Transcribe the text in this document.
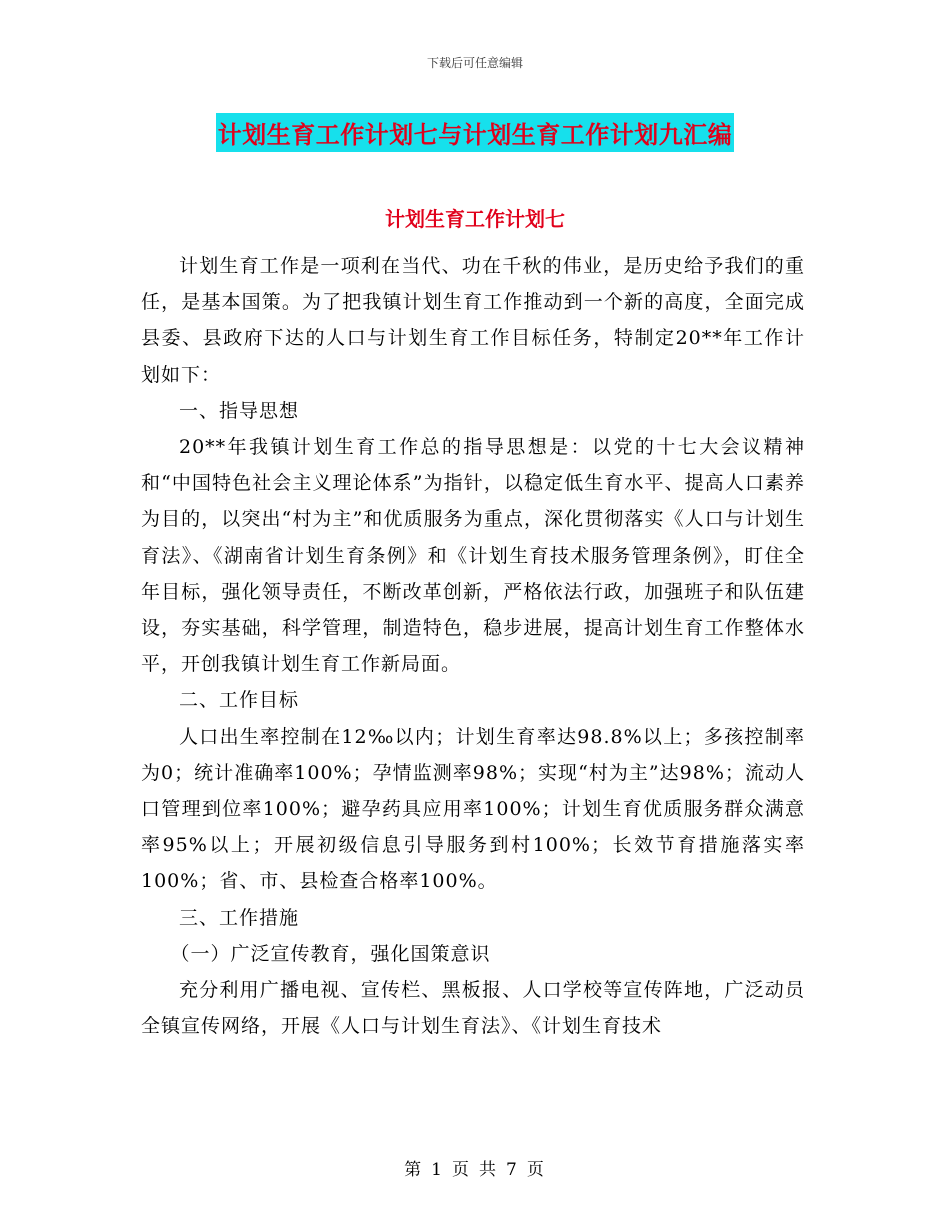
下载后可任意编辑
计划生育工作计划七与计划生育工作计划九汇编
计划生育工作计划七

计划生育工作是一项利在当代、功在千秋的伟业，是历史给予我们的重任，是基本国策。为了把我镇计划生育工作推动到一个新的高度，全面完成县委、县政府下达的人口与计划生育工作目标任务，特制定20**年工作计划如下：

一、指导思想

20**年我镇计划生育工作总的指导思想是：以党的十七大会议精神和“中国特色社会主义理论体系”为指针，以稳定低生育水平、提高人口素养为目的，以突出“村为主”和优质服务为重点，深化贯彻落实《人口与计划生育法》、《湖南省计划生育条例》和《计划生育技术服务管理条例》，盯住全年目标，强化领导责任，不断改革创新，严格依法行政，加强班子和队伍建设，夯实基础，科学管理，制造特色，稳步进展，提高计划生育工作整体水平，开创我镇计划生育工作新局面。

二、工作目标

人口出生率控制在12‰以内；计划生育率达98.8%以上；多孩控制率为0；统计准确率100%；孕情监测率98%；实现“村为主”达98%；流动人口管理到位率100%；避孕药具应用率100%；计划生育优质服务群众满意率95%以上；开展初级信息引导服务到村100%；长效节育措施落实率100%；省、市、县检查合格率100%。

三、工作措施

（一）广泛宣传教育，强化国策意识

充分利用广播电视、宣传栏、黑板报、人口学校等宣传阵地，广泛动员全镇宣传网络，开展《人口与计划生育法》、《计划生育技术

第 1 页 共 7 页
